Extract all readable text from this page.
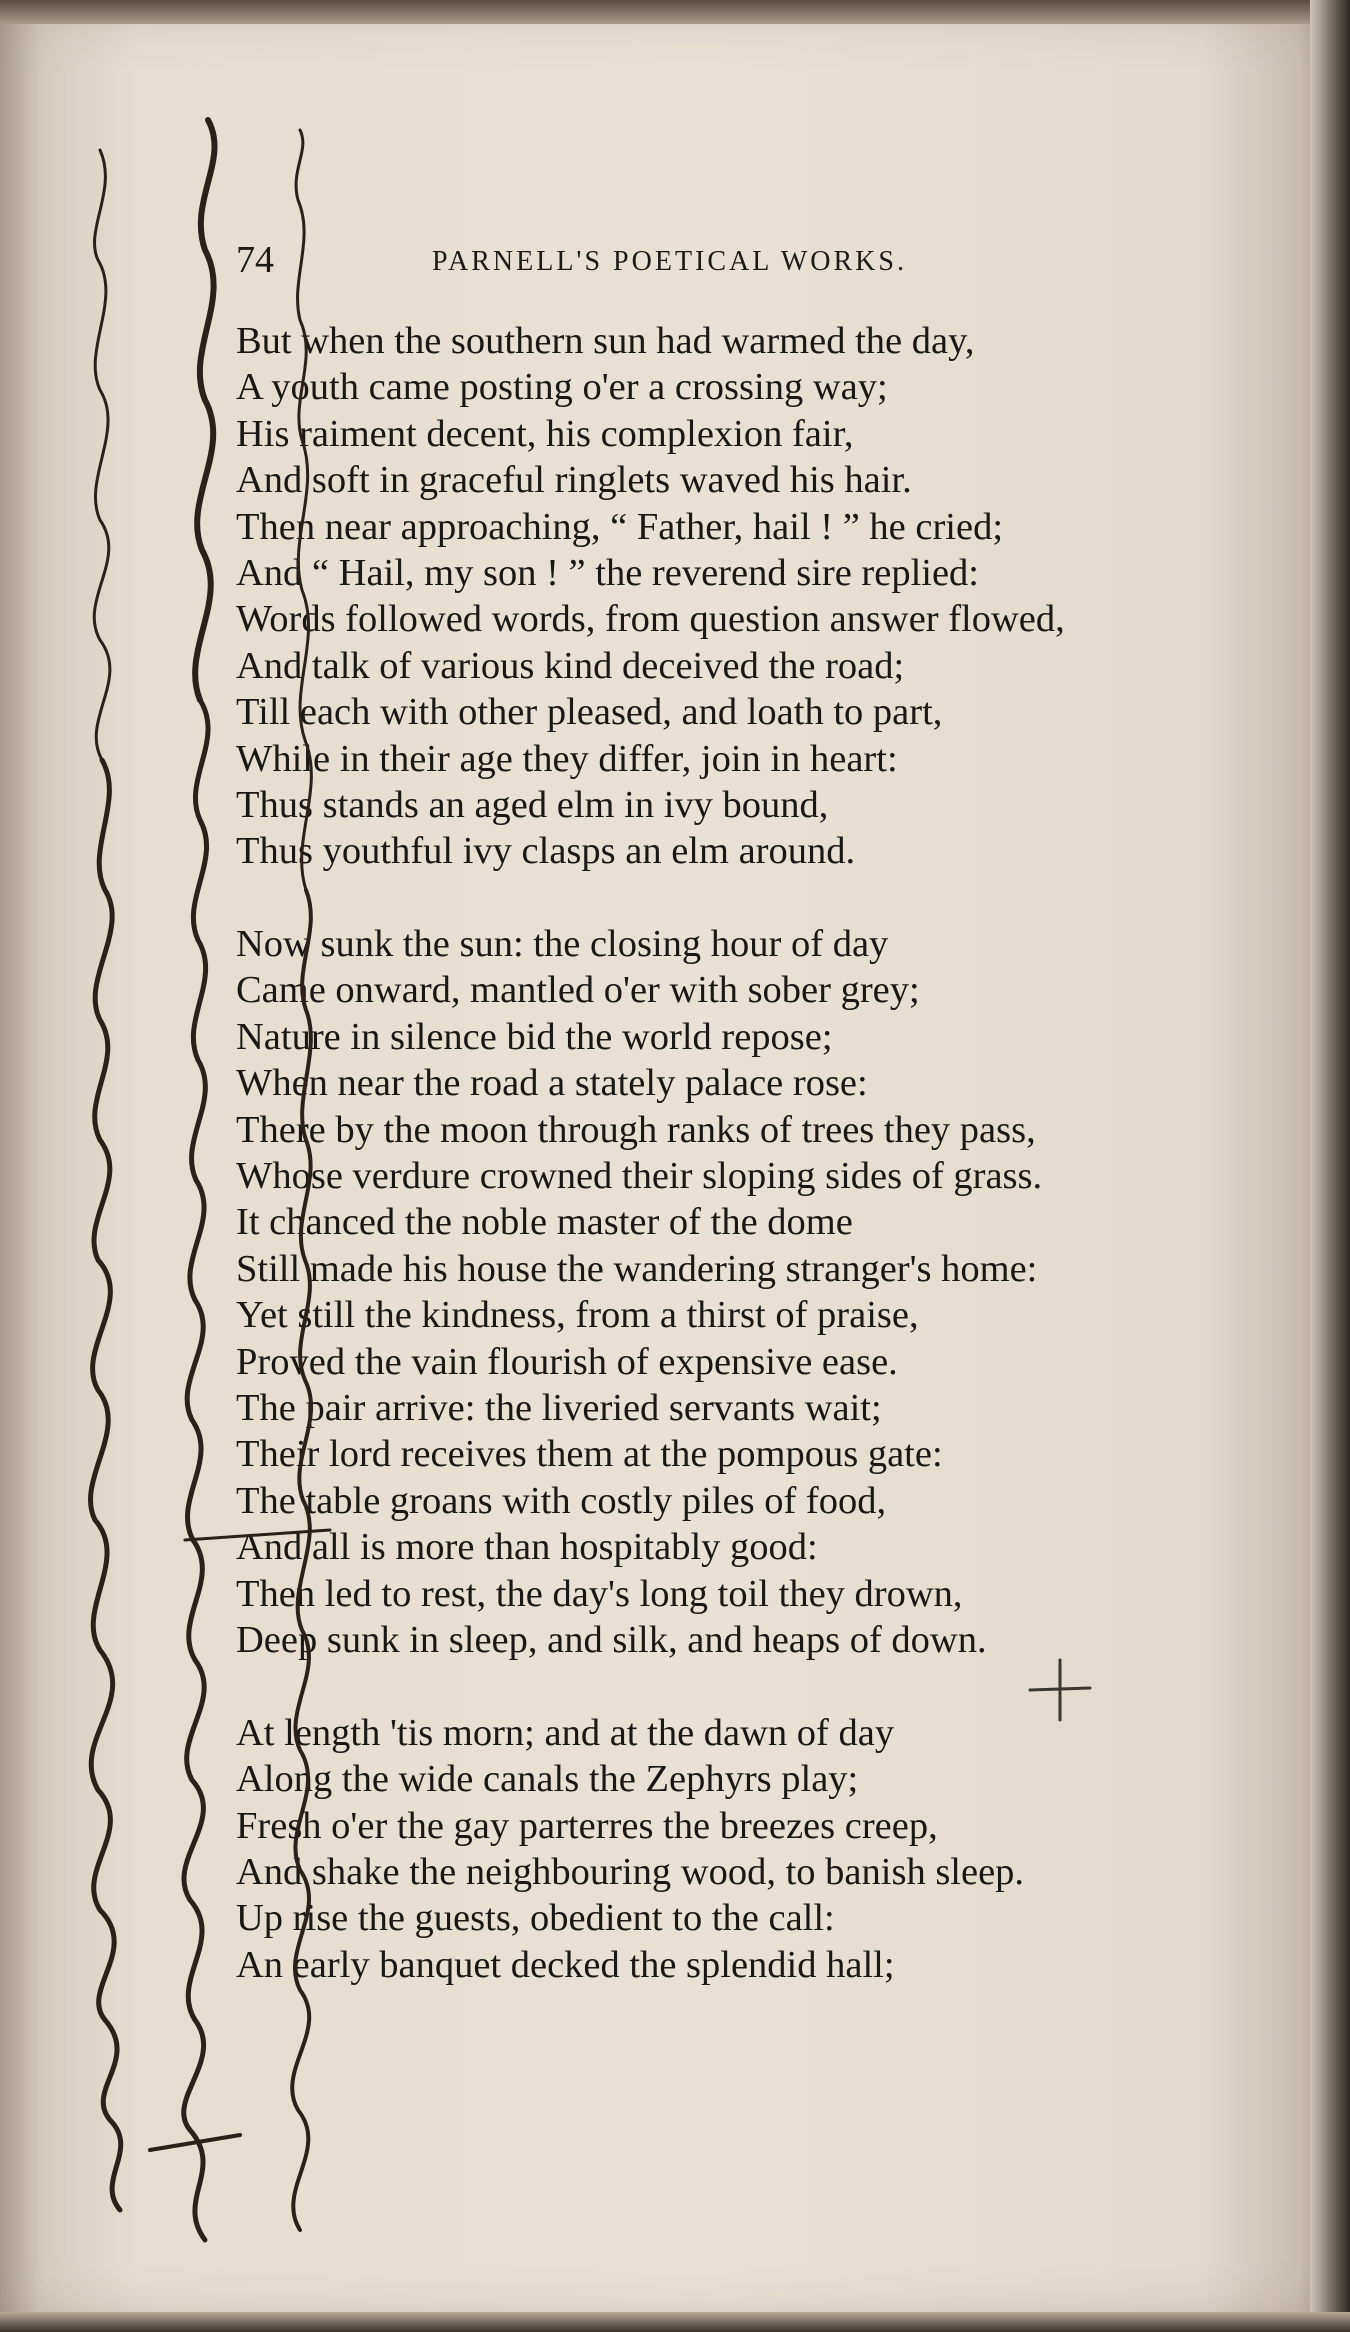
74	PARNELL'S POETICAL WORKS.
But when the southern sun had warmed the day,
A youth came posting o'er a crossing way;
His raiment decent, his complexion fair,
And soft in graceful ringlets waved his hair.
Then near approaching, “ Father, hail ! ” he cried;
And “ Hail, my son ! ” the reverend sire replied:
Words followed words, from question answer flowed,
And talk of various kind deceived the road;
Till each with other pleased, and loath to part,
While in their age they differ, join in heart:
Thus stands an aged elm in ivy bound,
Thus youthful ivy clasps an elm around.
Now sunk the sun: the closing hour of day
Came onward, mantled o'er with sober grey;
Nature in silence bid the world repose;
When near the road a stately palace rose:
There by the moon through ranks of trees they pass,
Whose verdure crowned their sloping sides of grass.
It chanced the noble master of the dome
Still made his house the wandering stranger's home:
Yet still the kindness, from a thirst of praise,
Proved the vain flourish of expensive ease.
The pair arrive: the liveried servants wait;
Their lord receives them at the pompous gate:
The table groans with costly piles of food,
And all is more than hospitably good:
Then led to rest, the day's long toil they drown,
Deep sunk in sleep, and silk, and heaps of down.
At length 'tis morn; and at the dawn of day
Along the wide canals the Zephyrs play;
Fresh o'er the gay parterres the breezes creep,
And shake the neighbouring wood, to banish sleep.
Up rise the guests, obedient to the call:
An early banquet decked the splendid hall;
